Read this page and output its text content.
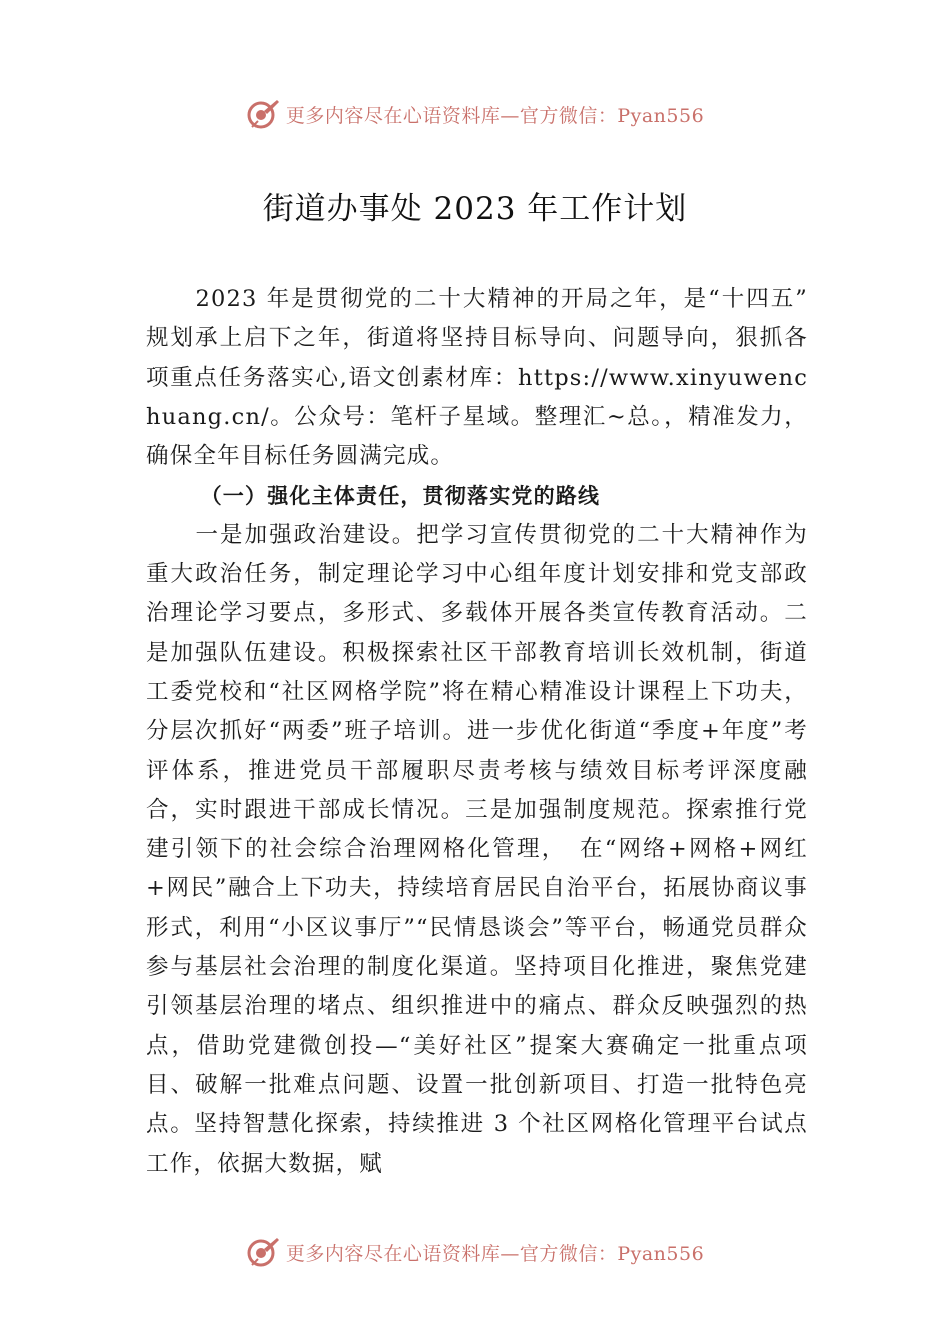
更多内容尽在心语资料库—官方微信：Pyan556
街道办事处 2023 年工作计划

2023 年是贯彻党的二十大精神的开局之年，是“十四五” 规划承上启下之年，街道将坚持目标导向、问题导向，狠抓各项重点任务落实心,语文创素材库：https://www.xinyuwenchuang.cn/。公众号：笔杆子星域。整理汇~总。，精准发力，确保全年目标任务圆满完成。

（一）强化主体责任，贯彻落实党的路线

一是加强政治建设。把学习宣传贯彻党的二十大精神作为重大政治任务，制定理论学习中心组年度计划安排和党支部政治理论学习要点，多形式、多载体开展各类宣传教育活动。二是加强队伍建设。积极探索社区干部教育培训长效机制，街道工委党校和“社区网格学院”将在精心精准设计课程上下功夫，分层次抓好“两委”班子培训。进一步优化街道“季度+年度”考评体系，推进党员干部履职尽责考核与绩效目标考评深度融合，实时跟进干部成长情况。三是加强制度规范。探索推行党建引领下的社会综合治理网格化管理，　在“网络+网格+网红+网民”融合上下功夫，持续培育居民自治平台，拓展协商议事形式，利用“小区议事厅”“民情恳谈会”等平台，畅通党员群众参与基层社会治理的制度化渠道。坚持项目化推进，聚焦党建引领基层治理的堵点、组织推进中的痛点、群众反映强烈的热点，借助党建微创投—“美好社区”提案大赛确定一批重点项目、破解一批难点问题、设置一批创新项目、打造一批特色亮点。坚持智慧化探索，持续推进 3 个社区网格化管理平台试点工作，依据大数据，赋

更多内容尽在心语资料库—官方微信：Pyan556
